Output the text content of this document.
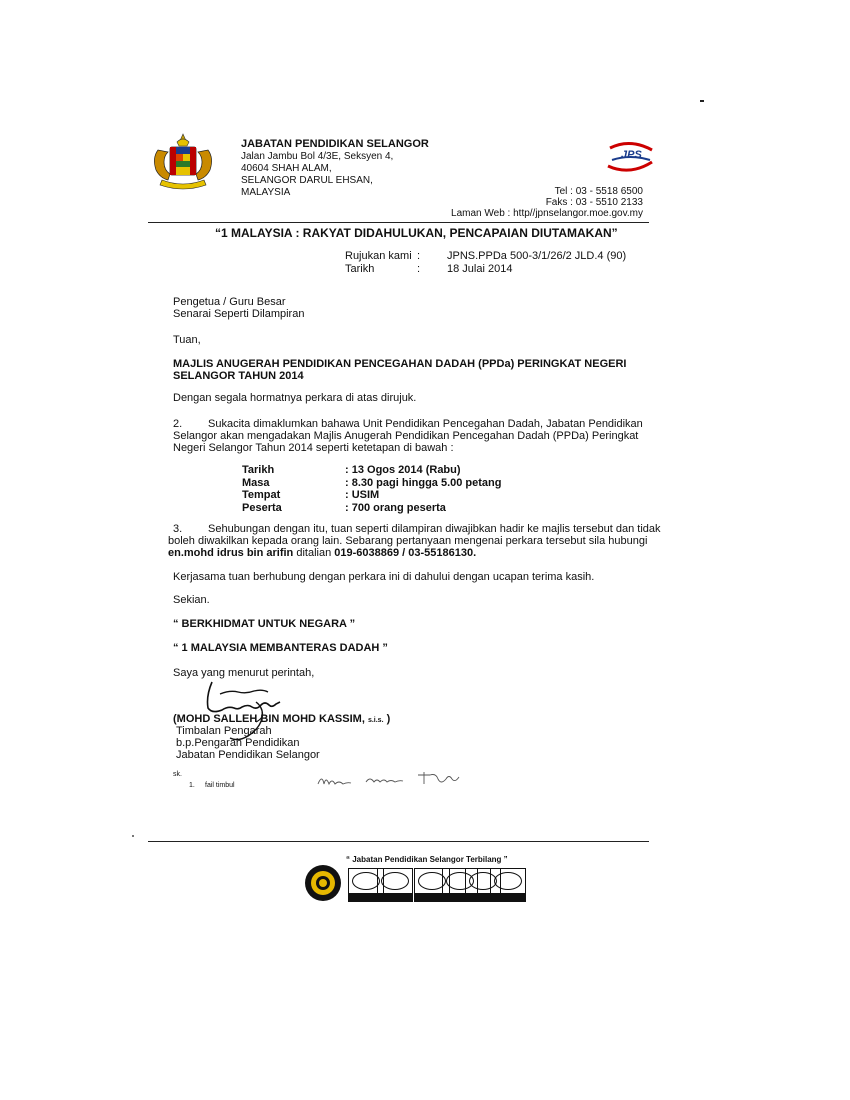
JABATAN PENDIDIKAN SELANGOR
Jalan Jambu Bol 4/3E, Seksyen 4,
40604 SHAH ALAM,
SELANGOR DARUL EHSAN,
MALAYSIA
JPS
Tel : 03 - 5518 6500
Faks : 03 - 5510 2133
Laman Web : http//jpnselangor.moe.gov.my
“1 MALAYSIA : RAKYAT DIDAHULUKAN, PENCAPAIAN DIUTAMAKAN”
Rujukan kami :	JPNS.PPDa 500-3/1/26/2 JLD.4 (90)
Tarikh	:	18 Julai 2014
Pengetua / Guru Besar
Senarai Seperti Dilampiran
Tuan,
MAJLIS ANUGERAH PENDIDIKAN PENCEGAHAN DADAH (PPDa) PERINGKAT NEGERI
SELANGOR TAHUN 2014
Dengan segala hormatnya perkara di atas dirujuk.
2. Sukacita dimaklumkan bahawa Unit Pendidikan Pencegahan Dadah, Jabatan Pendidikan
Selangor akan mengadakan Majlis Anugerah Pendidikan Pencegahan Dadah (PPDa) Peringkat
Negeri Selangor Tahun 2014 seperti ketetapan di bawah :
Tarikh	: 13 Ogos 2014 (Rabu)
Masa	: 8.30 pagi hingga 5.00 petang
Tempat	: USIM
Peserta	: 700 orang peserta
3. Sehubungan dengan itu, tuan seperti dilampiran diwajibkan hadir ke majlis tersebut dan tidak
boleh diwakilkan kepada orang lain. Sebarang pertanyaan mengenai perkara tersebut sila hubungi
en.mohd idrus bin arifin ditalian 019-6038869 / 03-55186130.
Kerjasama tuan berhubung dengan perkara ini di dahului dengan ucapan terima kasih.
Sekian.
“ BERKHIDMAT UNTUK NEGARA ”
“ 1 MALAYSIA MEMBANTERAS DADAH ”
Saya yang menurut perintah,
(MOHD SALLEH BIN MOHD KASSIM, s.i.s. )
Timbalan Pengarah
b.p.Pengarah Pendidikan
Jabatan Pendidikan Selangor
sk.
1. fail timbul
“ Jabatan Pendidikan Selangor Terbilang ”
